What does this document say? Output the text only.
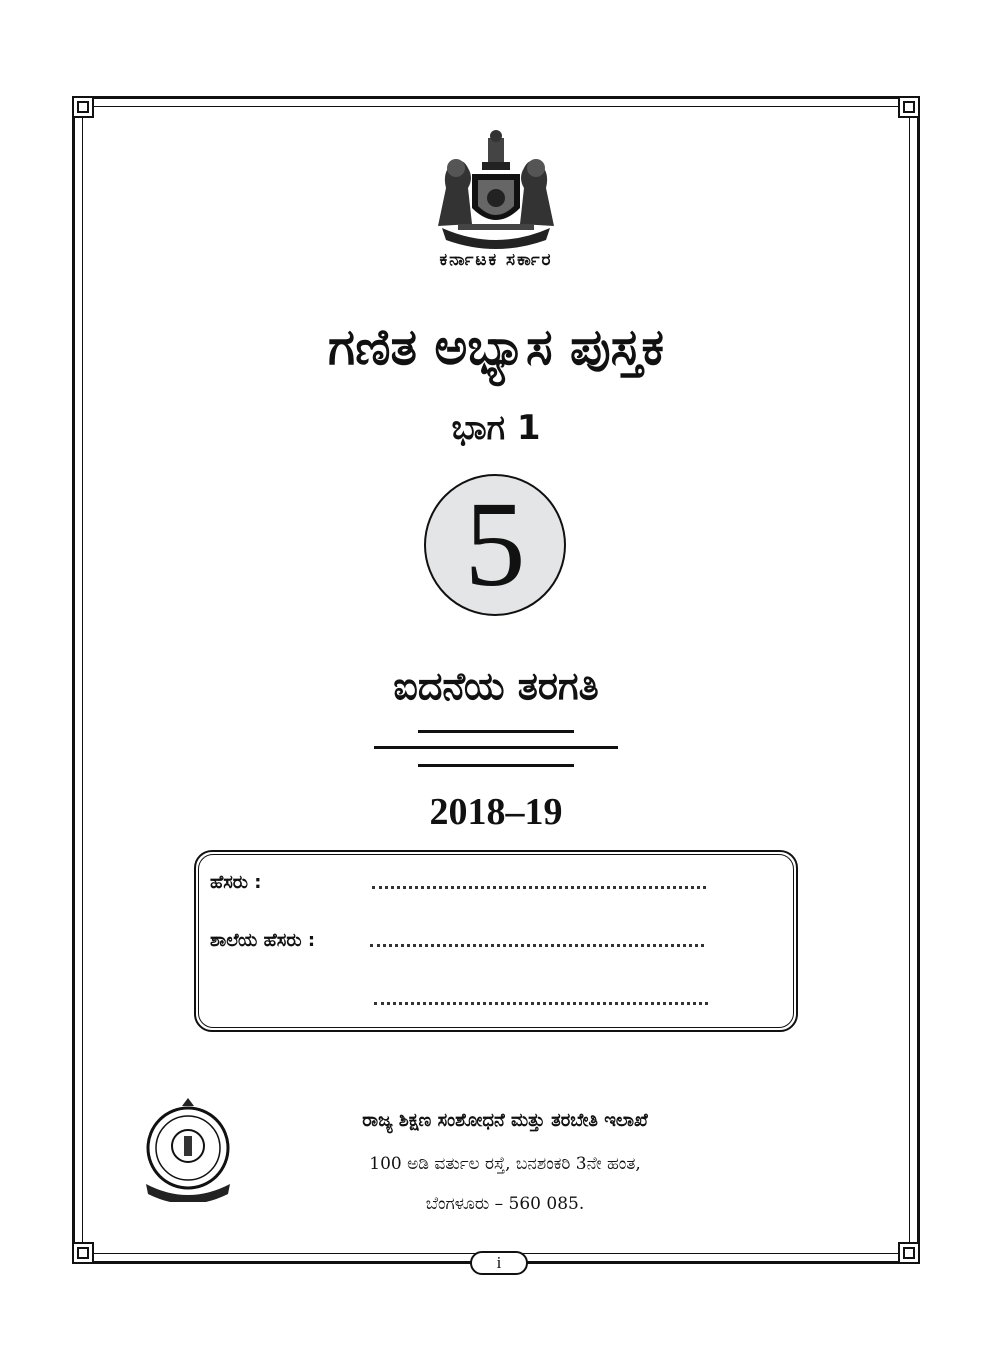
ಕರ್ನಾಟಕ ಸರ್ಕಾರ
ಗಣಿತ ಅಭ್ಯಾಸ ಪುಸ್ತಕ
ಭಾಗ 1
5
ಐದನೆಯ ತರಗತಿ
2018–19
ಹೆಸರು :
ಶಾಲೆಯ ಹೆಸರು :
ರಾಜ್ಯ ಶಿಕ್ಷಣ ಸಂಶೋಧನೆ ಮತ್ತು ತರಬೇತಿ ಇಲಾಖೆ
100 ಅಡಿ ವರ್ತುಲ ರಸ್ತೆ, ಬನಶಂಕರಿ 3ನೇ ಹಂತ,
ಬೆಂಗಳೂರು – 560 085.
i
